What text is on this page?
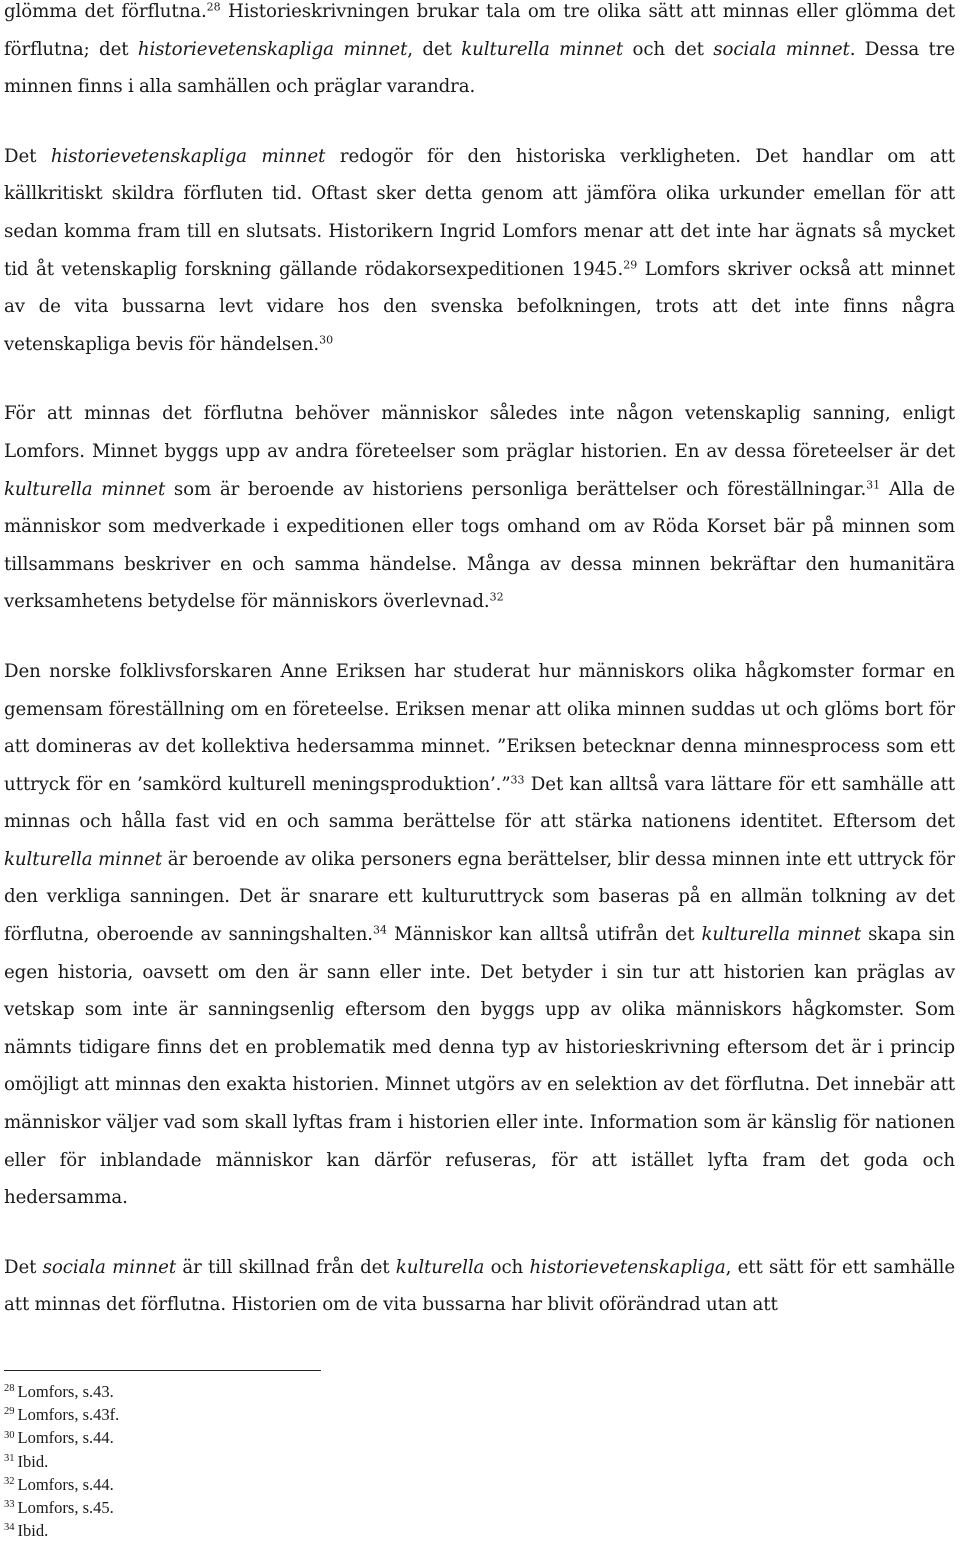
glömma det förflutna.$^{28}$ Historieskrivningen brukar tala om tre olika sätt att minnas eller glömma det förflutna; det historievetenskapliga minnet, det kulturella minnet och det sociala minnet. Dessa tre minnen finns i alla samhällen och präglar varandra.

Det historievetenskapliga minnet redogör för den historiska verkligheten. Det handlar om att källkritiskt skildra förfluten tid. Oftast sker detta genom att jämföra olika urkunder emellan för att sedan komma fram till en slutsats. Historikern Ingrid Lomfors menar att det inte har ägnats så mycket tid åt vetenskaplig forskning gällande rödakorsexpeditionen 1945.29 Lomfors skriver också att minnet av de vita bussarna levt vidare hos den svenska befolkningen, trots att det inte finns några vetenskapliga bevis för händelsen.$^{30}$

För att minnas det förflutna behöver människor således inte någon vetenskaplig sanning, enligt Lomfors. Minnet byggs upp av andra företeelser som präglar historien. En av dessa företeelser är det kulturella minnet som är beroende av historiens personliga berättelser och föreställningar.$^{31}$ Alla de människor som medverkade i expeditionen eller togs omhand om av Röda Korset bär på minnen som tillsammans beskriver en och samma händelse. Många av dessa minnen bekräftar den humanitära verksamhetens betydelse för människors överlevnad.$^{32}$

Den norske folklivsforskaren Anne Eriksen har studerat hur människors olika hågkomster formar en gemensam föreställning om en företeelse. Eriksen menar att olika minnen suddas ut och glöms bort för att domineras av det kollektiva hedersamma minnet. ”Eriksen betecknar denna minnesprocess som ett uttryck för en ’samkörd kulturell meningsproduktion’.”$^{33}$ Det kan alltså vara lättare för ett samhälle att minnas och hålla fast vid en och samma berättelse för att stärka nationens identitet. Eftersom det kulturella minnet är beroende av olika personers egna berättelser, blir dessa minnen inte ett uttryck för den verkliga sanningen. Det är snarare ett kulturuttryck som baseras på en allmän tolkning av det förflutna, oberoende av sanningshalten.$^{34}$ Människor kan alltså utifrån det kulturella minnet skapa sin egen historia, oavsett om den är sann eller inte. Det betyder i sin tur att historien kan präglas av vetskap som inte är sanningsenlig eftersom den byggs upp av olika människors hågkomster. Som nämnts tidigare finns det en problematik med denna typ av historieskrivning eftersom det är i princip omöjligt att minnas den exakta historien. Minnet utgörs av en selektion av det förflutna. Det innebär att människor väljer vad som skall lyftas fram i historien eller inte. Information som är känslig för nationen eller för inblandade människor kan därför refuseras, för att istället lyfta fram det goda och hedersamma.

Det sociala minnet är till skillnad från det kulturella och historievetenskapliga, ett sätt för ett samhälle att minnas det förflutna. Historien om de vita bussarna har blivit oförändrad utan att

$^{28}$ Lomfors, s.43.
$^{29}$ Lomfors, s.43f.
$^{30}$ Lomfors, s.44.
$^{31}$ Ibid.
$^{32}$ Lomfors, s.44.
$^{33}$ Lomfors, s.45.
$^{34}$ Ibid.
